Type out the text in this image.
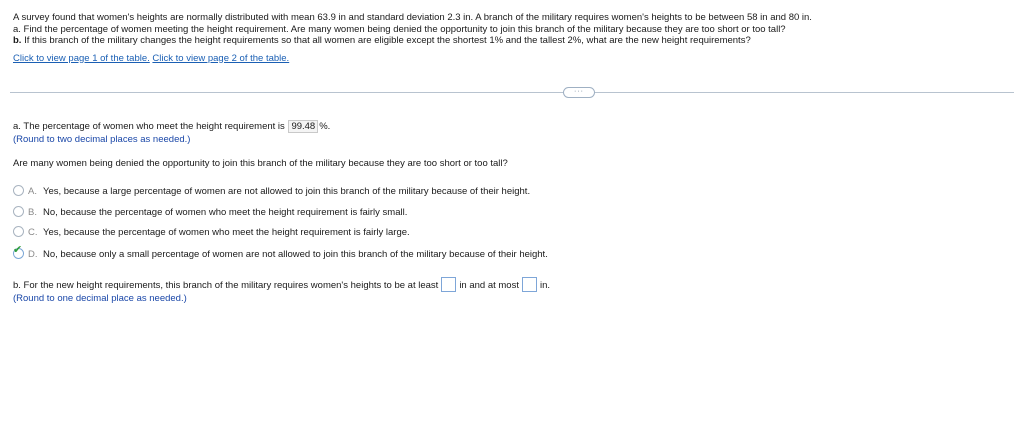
A survey found that women's heights are normally distributed with mean 63.9 in and standard deviation 2.3 in. A branch of the military requires women's heights to be between 58 in and 80 in.
a. Find the percentage of women meeting the height requirement. Are many women being denied the opportunity to join this branch of the military because they are too short or too tall?
b. If this branch of the military changes the height requirements so that all women are eligible except the shortest 1% and the tallest 2%, what are the new height requirements?
Click to view page 1 of the table. Click to view page 2 of the table.
···
a. The percentage of women who meet the height requirement is 99.48 %.
(Round to two decimal places as needed.)
Are many women being denied the opportunity to join this branch of the military because they are too short or too tall?
A. Yes, because a large percentage of women are not allowed to join this branch of the military because of their height.
B. No, because the percentage of women who meet the height requirement is fairly small.
C. Yes, because the percentage of women who meet the height requirement is fairly large.
✔ D. No, because only a small percentage of women are not allowed to join this branch of the military because of their height.
b. For the new height requirements, this branch of the military requires women's heights to be at least in and at most in.
(Round to one decimal place as needed.)
